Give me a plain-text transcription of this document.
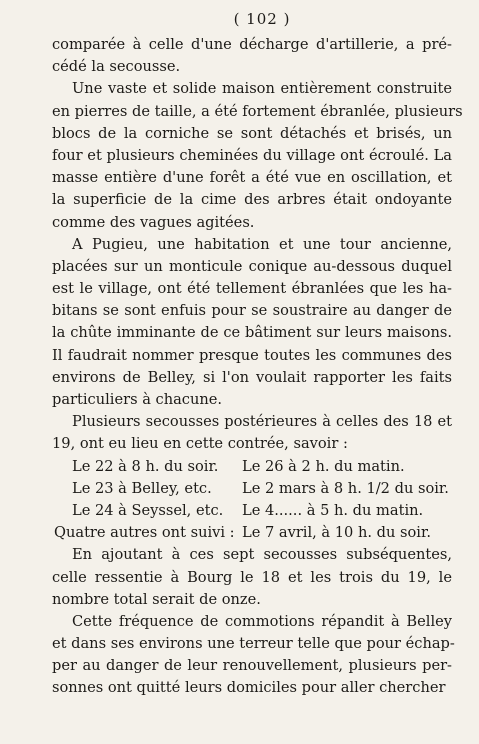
( 102 )
comparée à celle d'une décharge d'artillerie, a pré-
cédé la secousse.
Une vaste et solide maison entièrement construite
en pierres de taille, a été fortement ébranlée, plusieurs
blocs de la corniche se sont détachés et brisés, un
four et plusieurs cheminées du village ont écroulé. La
masse entière d'une forêt a été vue en oscillation, et
la superficie de la cime des arbres était ondoyante
comme des vagues agitées.
A Pugieu, une habitation et une tour ancienne,
placées sur un monticule conique au-dessous duquel
est le village, ont été tellement ébranlées que les ha-
bitans se sont enfuis pour se soustraire au danger de
la chûte imminante de ce bâtiment sur leurs maisons.
Il faudrait nommer presque toutes les communes des
environs de Belley, si l'on voulait rapporter les faits
particuliers à chacune.
Plusieurs secousses postérieures à celles des 18 et
19, ont eu lieu en cette contrée, savoir :
Le 22 à 8 h. du soir.	Le 26 à 2 h. du matin.
Le 23 à Belley, etc.	Le 2 mars à 8 h. 1/2 du soir.
Le 24 à Seyssel, etc.	Le 4...... à 5 h. du matin.
Quatre autres ont suivi : Le 7 avril, à 10 h. du soir.
En ajoutant à ces sept secousses subséquentes,
celle ressentie à Bourg le 18 et les trois du 19, le
nombre total serait de onze.
Cette fréquence de commotions répandit à Belley
et dans ses environs une terreur telle que pour échap-
per au danger de leur renouvellement, plusieurs per-
sonnes ont quitté leurs domiciles pour aller chercher
